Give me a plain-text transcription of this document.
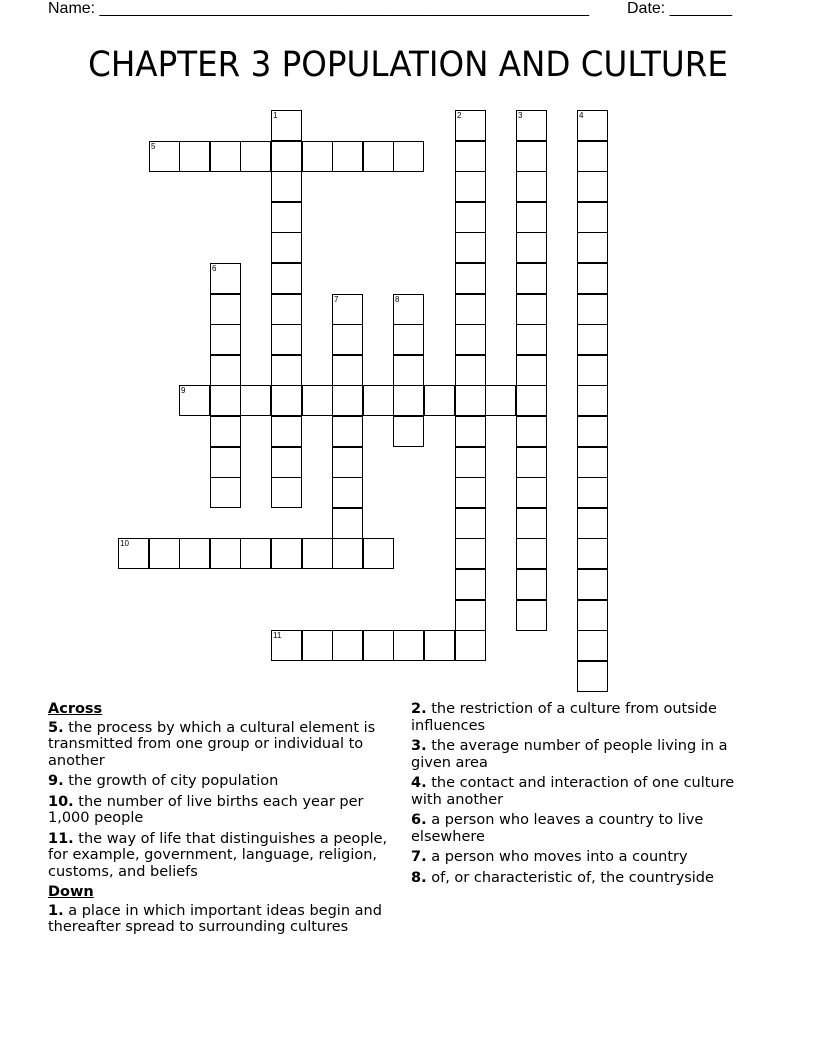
Name: _______________________________________________________ Date: _______
CHAPTER 3 POPULATION AND CULTURE
1	2	3	4
5
6
7	8
9
10
11
Across
5. the process by which a cultural element is transmitted from one group or individual to another
9. the growth of city population
10. the number of live births each year per 1,000 people
11. the way of life that distinguishes a people, for example, government, language, religion, customs, and beliefs
Down
1. a place in which important ideas begin and thereafter spread to surrounding cultures
2. the restriction of a culture from outside influences
3. the average number of people living in a given area
4. the contact and interaction of one culture with another
6. a person who leaves a country to live elsewhere
7. a person who moves into a country
8. of, or characteristic of, the countryside
